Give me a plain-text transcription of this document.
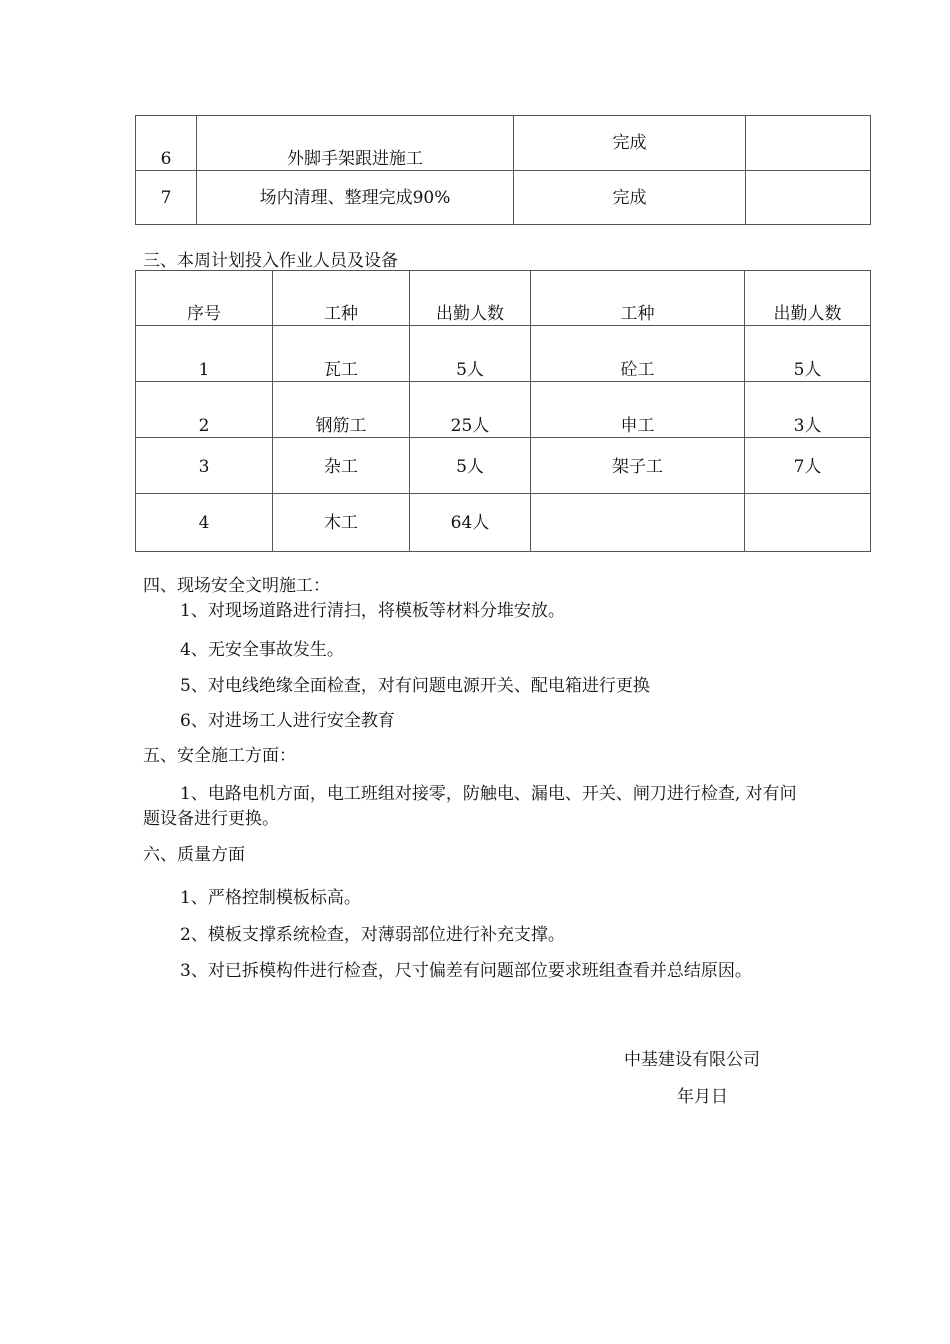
6	外脚手架跟进施工	完成	

7	场内清理、整理完成90%	完成	

三、本周计划投入作业人员及设备
序号	工种	出勤人数	工种	出勤人数

1	瓦工	5人	砼工	5人

2	钢筋工	25人	申工	3人

3	杂工	5人	架子工	7人

4	木工	64人		

四、现场安全文明施工：
1、对现场道路进行清扫，将模板等材料分堆安放。
4、无安全事故发生。
5、对电线绝缘全面检查，对有问题电源开关、配电箱进行更换
6、对进场工人进行安全教育
五、安全施工方面：
1、电路电机方面，电工班组对接零，防触电、漏电、开关、闸刀进行检查, 对有问
题设备进行更换。
六、质量方面
1、严格控制模板标高。
2、模板支撑系统检查，对薄弱部位进行补充支撑。
3、对已拆模构件进行检查，尺寸偏差有问题部位要求班组查看并总结原因。
中基建设有限公司
年月日
